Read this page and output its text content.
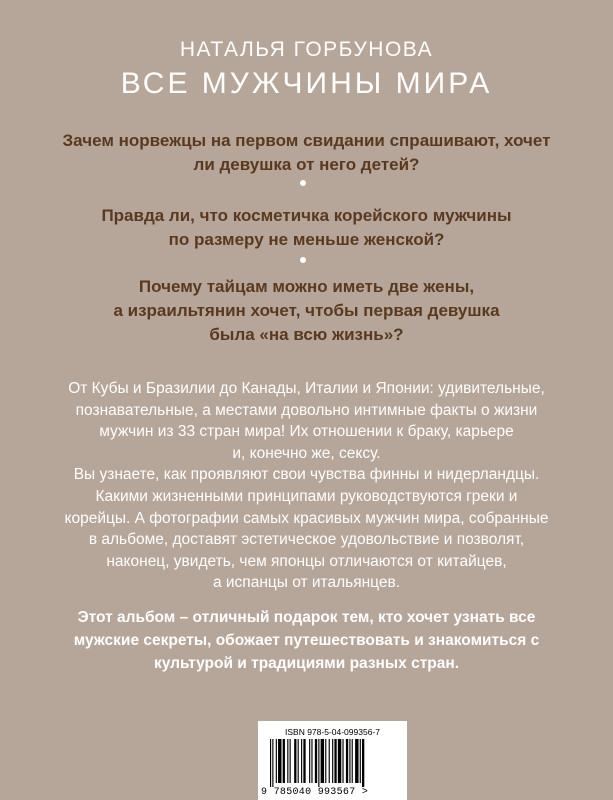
НАТАЛЬЯ ГОРБУНОВА
ВСЕ МУЖЧИНЫ МИРА
Зачем норвежцы на первом свидании спрашивают, хочет
ли девушка от него детей?
Правда ли, что косметичка корейского мужчины
по размеру не меньше женской?
Почему тайцам можно иметь две жены,
а израильтянин хочет, чтобы первая девушка
была «на всю жизнь»?
От Кубы и Бразилии до Канады, Италии и Японии: удивительные,
познавательные, а местами довольно интимные факты о жизни
мужчин из 33 стран мира! Их отношении к браку, карьере
и, конечно же, сексу.
Вы узнаете, как проявляют свои чувства финны и нидерландцы.
Какими жизненными принципами руководствуются греки и
корейцы. А фотографии самых красивых мужчин мира, собранные
в альбоме, доставят эстетическое удовольствие и позволят,
наконец, увидеть, чем японцы отличаются от китайцев,
а испанцы от итальянцев.
Этот альбом – отличный подарок тем, кто хочет узнать все
мужские секреты, обожает путешествовать и знакомиться с
культурой и традициями разных стран.
ISBN 978-5-04-099356-7
9 785040 993567 >
